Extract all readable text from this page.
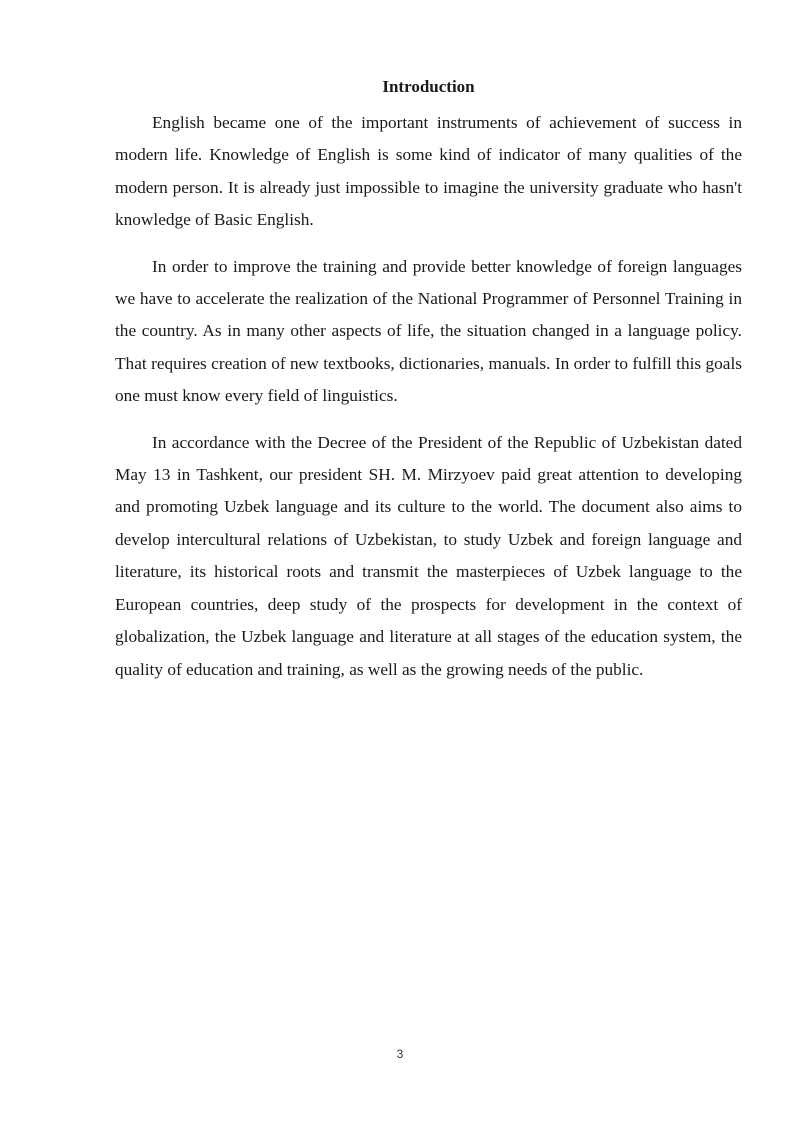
Introduction

English became one of the important instruments of achievement of success in modern life. Knowledge of English is some kind of indicator of many qualities of the modern person. It is already just impossible to imagine the university graduate who hasn't knowledge of Basic English.

In order to improve the training and provide better knowledge of foreign languages we have to accelerate the realization of the National Programmer of Personnel Training in the country. As in many other aspects of life, the situation changed in a language policy. That requires creation of new textbooks, dictionaries, manuals. In order to fulfill this goals one must know every field of linguistics.

In accordance with the Decree of the President of the Republic of Uzbekistan dated May 13 in Tashkent, our president SH. M. Mirzyoev paid great attention to developing and promoting Uzbek language and its culture to the world. The document also aims to develop intercultural relations of Uzbekistan, to study Uzbek and foreign language and literature, its historical roots and transmit the masterpieces of Uzbek language to the European countries, deep study of the prospects for development in the context of globalization, the Uzbek language and literature at all stages of the education system, the quality of education and training, as well as the growing needs of the public.

3
